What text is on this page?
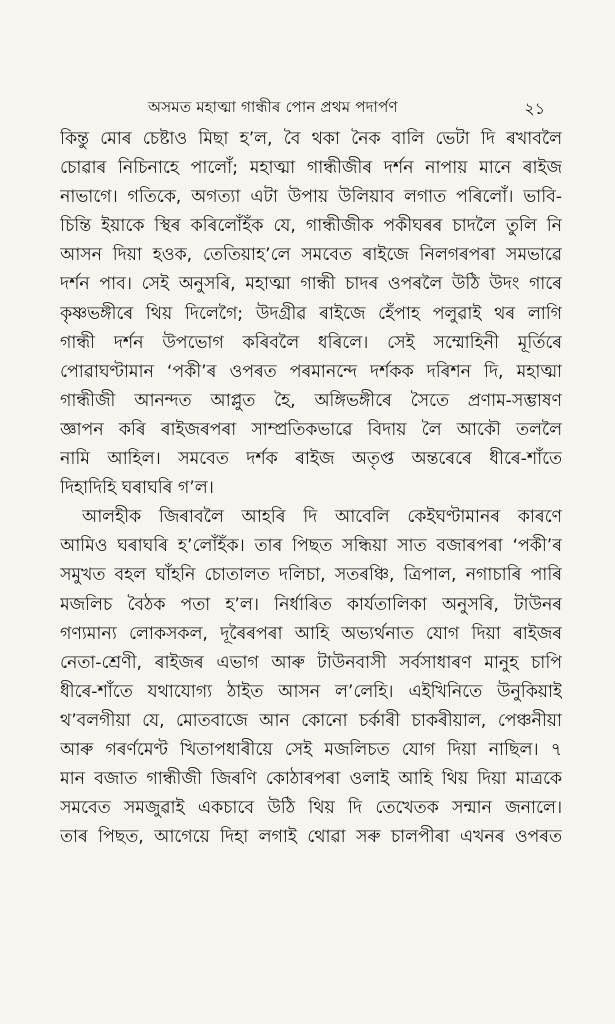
অসমত মহাত্মা গান্ধীৰ পোন প্ৰথম পদাৰ্পণ	২১
কিন্তু মোৰ চেষ্টাও মিছা হ’ল, বৈ থকা নৈক বালি ভেটা দি ৰখাবলৈ
চোৱাৰ নিচিনাহে পালোঁ; মহাত্মা গান্ধীজীৰ দৰ্শন নাপায় মানে ৰাইজ
নাভাগে। গতিকে, অগত্যা এটা উপায় উলিয়াব লগাত পৰিলোঁ। ভাবি-
চিন্তি ইয়াকে স্থিৰ কৰিলোঁহঁক যে, গান্ধীজীক পকীঘৰৰ চাদলৈ তুলি নি
আসন দিয়া হওক, তেতিয়াহ’লে সমবেত ৰাইজে নিলগৰপৰা সমভাৱে
দৰ্শন পাব। সেই অনুসৰি, মহাত্মা গান্ধী চাদৰ ওপৰলৈ উঠি উদং গাৰে
কৃষ্ণভঙ্গীৰে থিয় দিলেগৈ; উদগ্ৰীৱ ৰাইজে হেঁপাহ পলুৱাই থৰ লাগি
গান্ধী দৰ্শন উপভোগ কৰিবলৈ ধৰিলে। সেই সম্মোহিনী মূৰ্তিৰে
পোৱাঘণ্টামান ‘পকী’ৰ ওপৰত পৰমানন্দে দৰ্শকক দৰিশন দি, মহাত্মা
গান্ধীজী আনন্দত আপ্লুত হৈ, অঙ্গিভঙ্গীৰে সৈতে প্ৰণাম-সম্ভাষণ
জ্ঞাপন কৰি ৰাইজৰপৰা সাম্প্ৰতিকভাৱে বিদায় লৈ আকৌ তললৈ
নামি আহিল। সমবেত দৰ্শক ৰাইজ অতৃপ্ত অন্তৰেৰে ধীৰে-শাঁতে
দিহাদিহি ঘৰাঘৰি গ’ল।
আলহীক জিৰাবলৈ আহৰি দি আবেলি কেইঘণ্টামানৰ কাৰণে
আমিও ঘৰাঘৰি হ’লোঁহঁক। তাৰ পিছত সন্ধিয়া সাত বজাৰপৰা ‘পকী’ৰ
সমুখত বহল ঘাঁহনি চোতালত দলিচা, সতৰঞ্চি, ত্ৰিপাল, নগাচাৰি পাৰি
মজলিচ বৈঠক পতা হ’ল। নিৰ্ধাৰিত কাৰ্যতালিকা অনুসৰি, টাউনৰ
গণ্যমান্য লোকসকল, দূৰৈৰপৰা আহি অভ্যৰ্থনাত যোগ দিয়া ৰাইজৰ
নেতা-শ্ৰেণী, ৰাইজৰ এভাগ আৰু টাউনবাসী সৰ্বসাধাৰণ মানুহ চাপি
ধীৰে-শাঁতে যথাযোগ্য ঠাইত আসন ল’লেহি। এইখিনিতে উনুকিয়াই
থ’বলগীয়া যে, মোতবাজে আন কোনো চৰ্কাৰী চাকৰীয়াল, পেঞ্চনীয়া
আৰু গৰৰ্ণমেণ্ট খিতাপধাৰীয়ে সেই মজলিচত যোগ দিয়া নাছিল। ৭
মান বজাত গান্ধীজী জিৰণি কোঠাৰপৰা ওলাই আহি থিয় দিয়া মাত্ৰকে
সমবেত সমজুৱাই একচাবে উঠি থিয় দি তেখেতক সন্মান জনালে।
তাৰ পিছত, আগেয়ে দিহা লগাই থোৱা সৰু চালপীৰা এখনৰ ওপৰত
